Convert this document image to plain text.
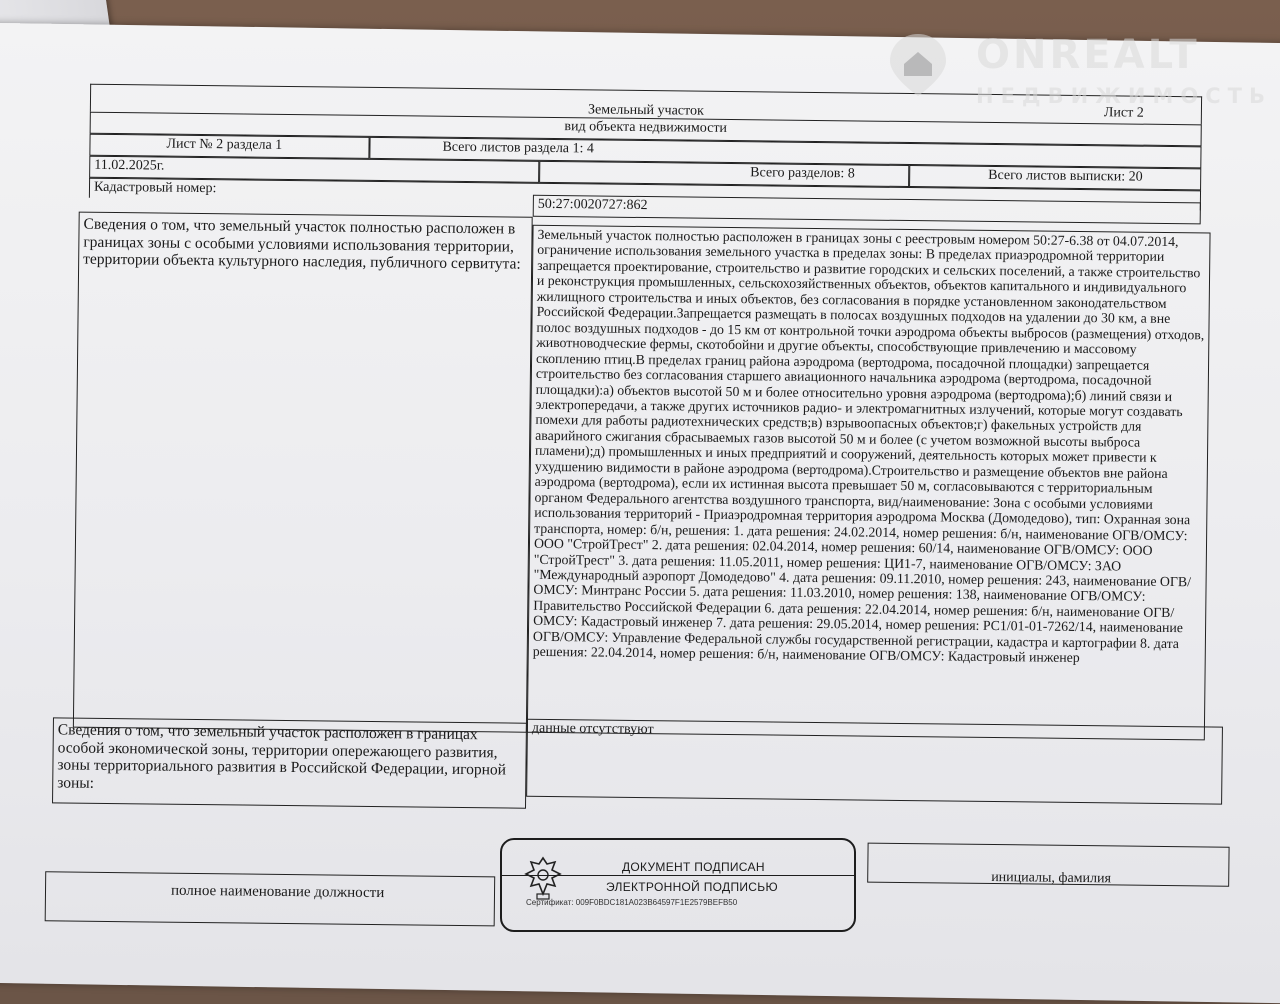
Земельный участок	Лист 2
вид объекта недвижимости
Лист № 2 раздела 1	Всего листов раздела 1: 4
11.02.2025г.	Всего разделов: 8	Всего листов выписки: 20
Кадастровый номер:
50:27:0020727:862
Сведения о том, что земельный участок полностью расположен в границах зоны с особыми условиями использования территории, территории объекта культурного наследия, публичного сервитута:
Земельный участок полностью расположен в границах зоны с реестровым номером 50:27-6.38 от 04.07.2014, ограничение использования земельного участка в пределах зоны: В пределах приаэродромной территории запрещается проектирование, строительство и развитие городских и сельских поселений, а также строительство и реконструкция промышленных, сельскохозяйственных объектов, объектов капитального и индивидуального жилищного строительства и иных объектов, без согласования в порядке установленном законодательством Российской Федерации.Запрещается размещать в полосах воздушных подходов на удалении до 30 км, а вне полос воздушных подходов - до 15 км от контрольной точки аэродрома объекты выбросов (размещения) отходов, животноводческие фермы, скотобойни и другие объекты, способствующие привлечению и массовому скоплению птиц.В пределах границ района аэродрома (вертодрома, посадочной площадки) запрещается строительство без согласования старшего авиационного начальника аэродрома (вертодрома, посадочной площадки):а) объектов высотой 50 м и более относительно уровня аэродрома (вертодрома);б) линий связи и электропередачи, а также других источников радио- и электромагнитных излучений, которые могут создавать помехи для работы радиотехнических средств;в) взрывоопасных объектов;г) факельных устройств для аварийного сжигания сбрасываемых газов высотой 50 м и более (с учетом возможной высоты выброса пламени);д) промышленных и иных предприятий и сооружений, деятельность которых может привести к ухудшению видимости в районе аэродрома (вертодрома).Строительство и размещение объектов вне района аэродрома (вертодрома), если их истинная высота превышает 50 м, согласовываются с территориальным органом Федерального агентства воздушного транспорта, вид/наименование: Зона с особыми условиями использования территорий - Приаэродромная территория аэродрома Москва (Домодедово), тип: Охранная зона транспорта, номер: б/н, решения: 1. дата решения: 24.02.2014, номер решения: б/н, наименование ОГВ/ОМСУ: ООО "СтройТрест" 2. дата решения: 02.04.2014, номер решения: 60/14, наименование ОГВ/ОМСУ: ООО "СтройТрест" 3. дата решения: 11.05.2011, номер решения: ЦИ1-7, наименование ОГВ/ОМСУ: ЗАО "Международный аэропорт Домодедово" 4. дата решения: 09.11.2010, номер решения: 243, наименование ОГВ/ОМСУ: Минтранс России 5. дата решения: 11.03.2010, номер решения: 138, наименование ОГВ/ОМСУ: Правительство Российской Федерации 6. дата решения: 22.04.2014, номер решения: б/н, наименование ОГВ/ОМСУ: Кадастровый инженер 7. дата решения: 29.05.2014, номер решения: РС1/01-01-7262/14, наименование ОГВ/ОМСУ: Управление Федеральной службы государственной регистрации, кадастра и картографии 8. дата решения: 22.04.2014, номер решения: б/н, наименование ОГВ/ОМСУ: Кадастровый инженер
Сведения о том, что земельный участок расположен в границах особой экономической зоны, территории опережающего развития, зоны территориального развития в Российской Федерации, игорной зоны:
данные отсутствуют
полное наименование должности
инициалы, фамилия
ДОКУМЕНТ ПОДПИСАН
ЭЛЕКТРОННОЙ ПОДПИСЬЮ
Сертификат: 009F0BDC181A023B64597F1E2579BEFB50
ONREALT
НЕДВИЖИМОСТЬ
